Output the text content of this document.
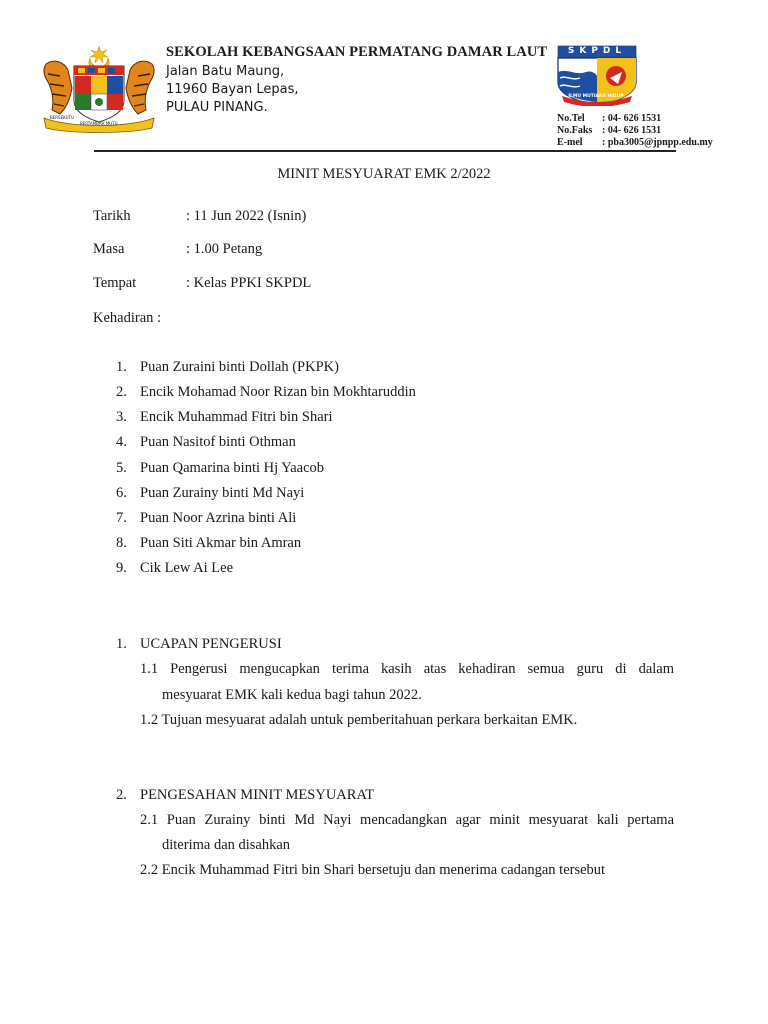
BERSEKUTU
BERTAMBAH MUTU
SEKOLAH KEBANGSAAN PERMATANG DAMAR LAUT
Jalan Batu Maung,
11960 Bayan Lepas,
PULAU PINANG.
SKPDL
ILMU MUTIARA HIDUP
No.Tel : 04- 626 1531
No.Faks : 04- 626 1531
E-mel : pba3005@jpnpp.edu.my
MINIT MESYUARAT EMK 2/2022
Tarikh	: 11 Jun 2022 (Isnin)
Masa	: 1.00 Petang
Tempat	: Kelas PPKI SKPDL
Kehadiran :
1. Puan Zuraini binti Dollah (PKPK)
2. Encik Mohamad Noor Rizan bin Mokhtaruddin
3. Encik Muhammad Fitri bin Shari
4. Puan Nasitof binti Othman
5. Puan Qamarina binti Hj Yaacob
6. Puan Zurainy binti Md Nayi
7. Puan Noor Azrina binti Ali
8. Puan Siti Akmar bin Amran
9. Cik Lew Ai Lee
1. UCAPAN PENGERUSI
1.1 Pengerusi mengucapkan terima kasih atas kehadiran semua guru di dalam
mesyuarat EMK kali kedua bagi tahun 2022.
1.2 Tujuan mesyuarat adalah untuk pemberitahuan perkara berkaitan EMK.
2. PENGESAHAN MINIT MESYUARAT
2.1 Puan Zurainy binti Md Nayi mencadangkan agar minit mesyuarat kali pertama
diterima dan disahkan
2.2 Encik Muhammad Fitri bin Shari bersetuju dan menerima cadangan tersebut
